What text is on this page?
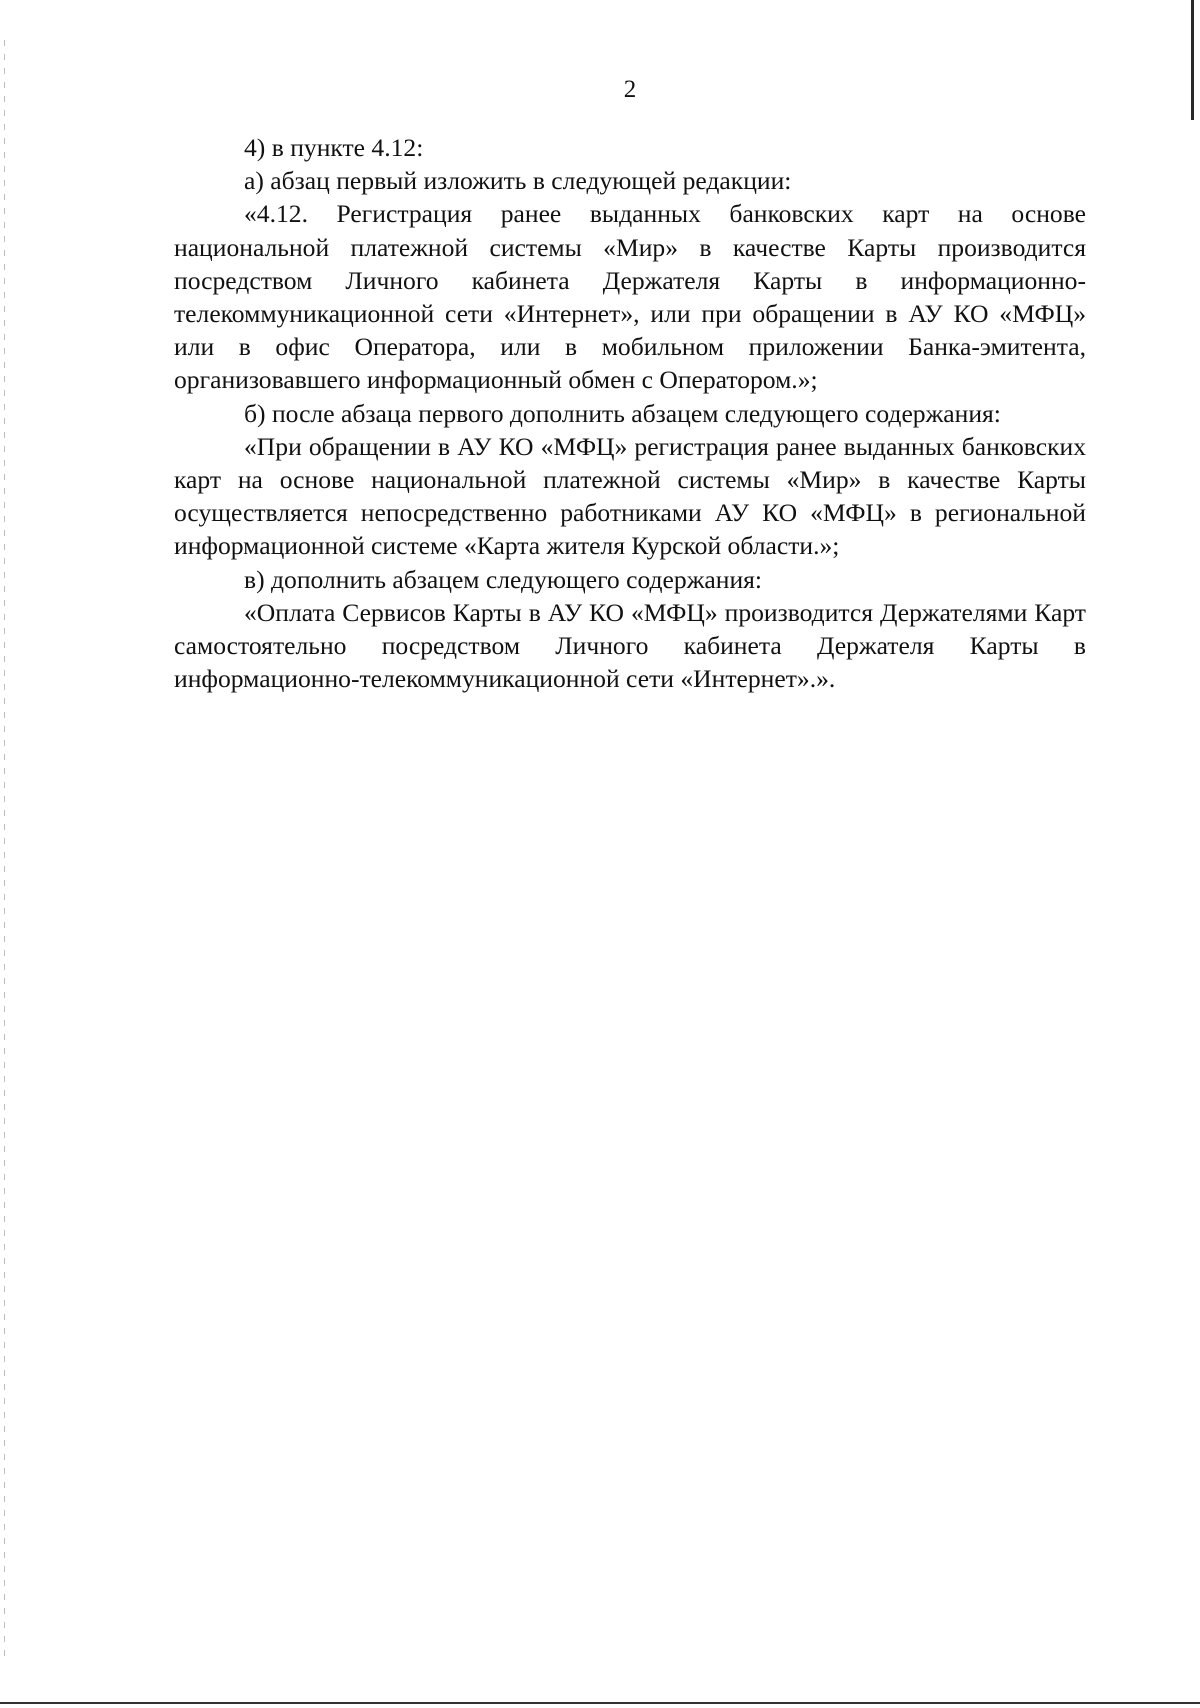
2

4) в пункте 4.12:

а) абзац первый изложить в следующей редакции:

«4.12. Регистрация ранее выданных банковских карт на основе национальной платежной системы «Мир» в качестве Карты производится посредством Личного кабинета Держателя Карты в информационно-телекоммуникационной сети «Интернет», или при обращении в АУ КО «МФЦ» или в офис Оператора, или в мобильном приложении Банка-эмитента, организовавшего информационный обмен с Оператором.»;

б) после абзаца первого дополнить абзацем следующего содержания:

«При обращении в АУ КО «МФЦ» регистрация ранее выданных банковских карт на основе национальной платежной системы «Мир» в качестве Карты осуществляется непосредственно работниками АУ КО «МФЦ» в региональной информационной системе «Карта жителя Курской области.»;

в) дополнить абзацем следующего содержания:

«Оплата Сервисов Карты в АУ КО «МФЦ» производится Держателями Карт самостоятельно посредством Личного кабинета Держателя Карты в информационно-телекоммуникационной сети «Интернет».».
